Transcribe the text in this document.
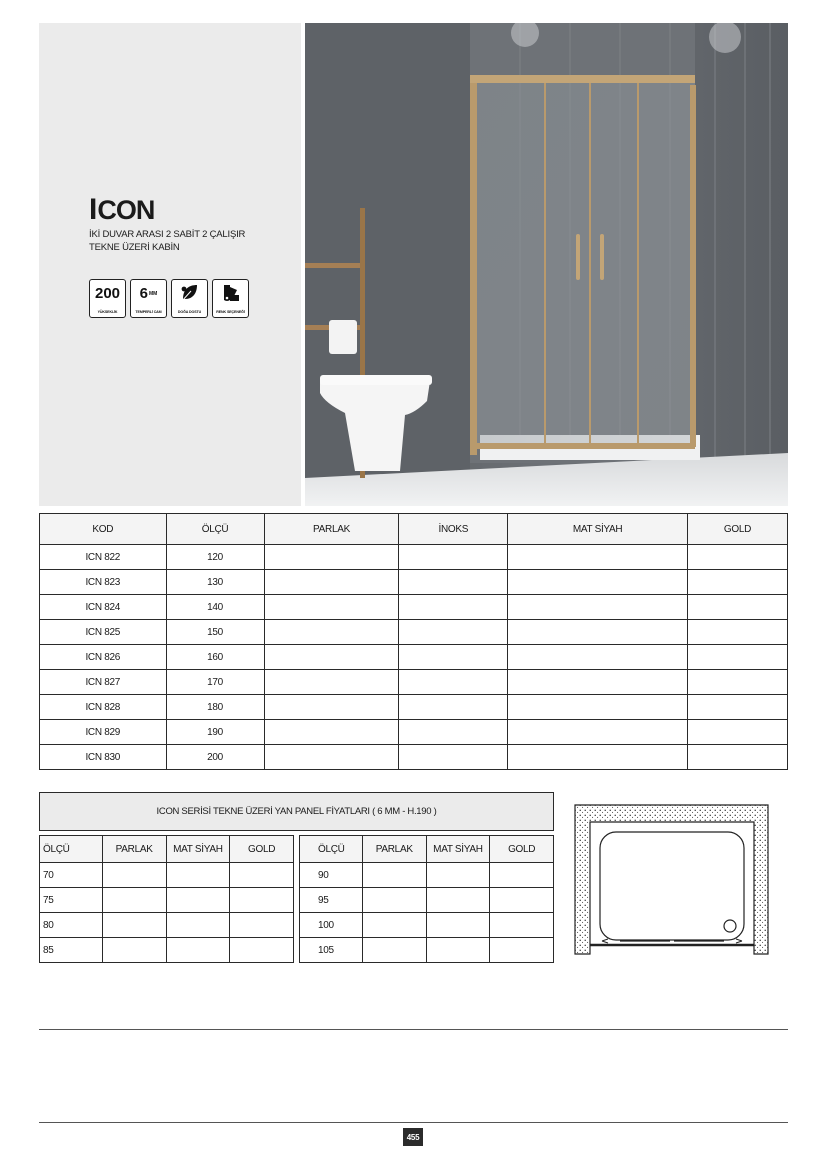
ICON
İKİ DUVAR ARASI 2 SABİT 2 ÇALIŞIR
TEKNE ÜZERİ KABİN
200
YÜKSEKLİK
6 MM
TEMPERLİ CAM	DOĞA DOSTU	RENK SEÇENEĞİ
KOD	ÖLÇÜ	PARLAK	İNOKS	MAT SİYAH	GOLD
ICN 822	120				
ICN 823	130				
ICN 824	140				
ICN 825	150				
ICN 826	160				
ICN 827	170				
ICN 828	180				
ICN 829	190				
ICN 830	200				
ICON SERİSİ TEKNE ÜZERİ YAN PANEL FİYATLARI ( 6 MM - H.190 )
ÖLÇÜ	PARLAK	MAT SİYAH	GOLD
70			
75			
80			
85			
ÖLÇÜ	PARLAK	MAT SİYAH	GOLD
90			
95			
100			
105			
455
